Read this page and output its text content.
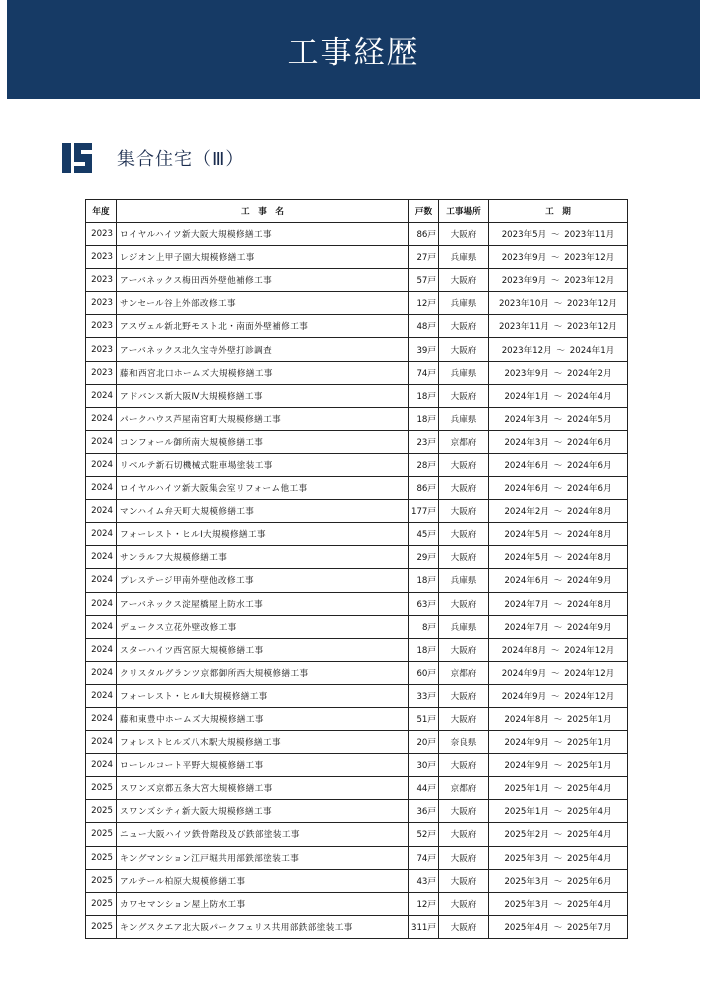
工事経歴
集合住宅（Ⅲ）
年度	工　事　名	戸数	工事場所	工　期
2023	ロイヤルハイツ新大阪大規模修繕工事	86戸	大阪府	2023年5月 ～ 2023年11月
2023	レジオン上甲子園大規模修繕工事	27戸	兵庫県	2023年9月 ～ 2023年12月
2023	アーバネックス梅田西外壁他補修工事	57戸	大阪府	2023年9月 ～ 2023年12月
2023	サンセール谷上外部改修工事	12戸	兵庫県	2023年10月 ～ 2023年12月
2023	アスヴェル新北野モスト北・南面外壁補修工事	48戸	大阪府	2023年11月 ～ 2023年12月
2023	アーバネックス北久宝寺外壁打診調査	39戸	大阪府	2023年12月 ～ 2024年1月
2023	藤和西宮北口ホームズ大規模修繕工事	74戸	兵庫県	2023年9月 ～ 2024年2月
2024	アドバンス新大阪Ⅳ大規模修繕工事	18戸	大阪府	2024年1月 ～ 2024年4月
2024	パークハウス芦屋南宮町大規模修繕工事	18戸	兵庫県	2024年3月 ～ 2024年5月
2024	コンフォール御所南大規模修繕工事	23戸	京都府	2024年3月 ～ 2024年6月
2024	リベルテ新石切機械式駐車場塗装工事	28戸	大阪府	2024年6月 ～ 2024年6月
2024	ロイヤルハイツ新大阪集会室リフォーム他工事	86戸	大阪府	2024年6月 ～ 2024年6月
2024	マンハイム弁天町大規模修繕工事	177戸	大阪府	2024年2月 ～ 2024年8月
2024	フォーレスト・ヒルⅠ大規模修繕工事	45戸	大阪府	2024年5月 ～ 2024年8月
2024	サンラルフ大規模修繕工事	29戸	大阪府	2024年5月 ～ 2024年8月
2024	プレステージ甲南外壁他改修工事	18戸	兵庫県	2024年6月 ～ 2024年9月
2024	アーバネックス淀屋橋屋上防水工事	63戸	大阪府	2024年7月 ～ 2024年8月
2024	デュークス立花外壁改修工事	8戸	兵庫県	2024年7月 ～ 2024年9月
2024	スターハイツ西宮原大規模修繕工事	18戸	大阪府	2024年8月 ～ 2024年12月
2024	クリスタルグランツ京都御所西大規模修繕工事	60戸	京都府	2024年9月 ～ 2024年12月
2024	フォーレスト・ヒルⅡ大規模修繕工事	33戸	大阪府	2024年9月 ～ 2024年12月
2024	藤和東豊中ホームズ大規模修繕工事	51戸	大阪府	2024年8月 ～ 2025年1月
2024	フォレストヒルズ八木駅大規模修繕工事	20戸	奈良県	2024年9月 ～ 2025年1月
2024	ローレルコート平野大規模修繕工事	30戸	大阪府	2024年9月 ～ 2025年1月
2025	スワンズ京都五条大宮大規模修繕工事	44戸	京都府	2025年1月 ～ 2025年4月
2025	スワンズシティ新大阪大規模修繕工事	36戸	大阪府	2025年1月 ～ 2025年4月
2025	ニュー大阪ハイツ鉄骨階段及び鉄部塗装工事	52戸	大阪府	2025年2月 ～ 2025年4月
2025	キングマンション江戸堀共用部鉄部塗装工事	74戸	大阪府	2025年3月 ～ 2025年4月
2025	アルテール柏原大規模修繕工事	43戸	大阪府	2025年3月 ～ 2025年6月
2025	カワセマンション屋上防水工事	12戸	大阪府	2025年3月 ～ 2025年4月
2025	キングスクエア北大阪パークフェリス共用部鉄部塗装工事	311戸	大阪府	2025年4月 ～ 2025年7月
